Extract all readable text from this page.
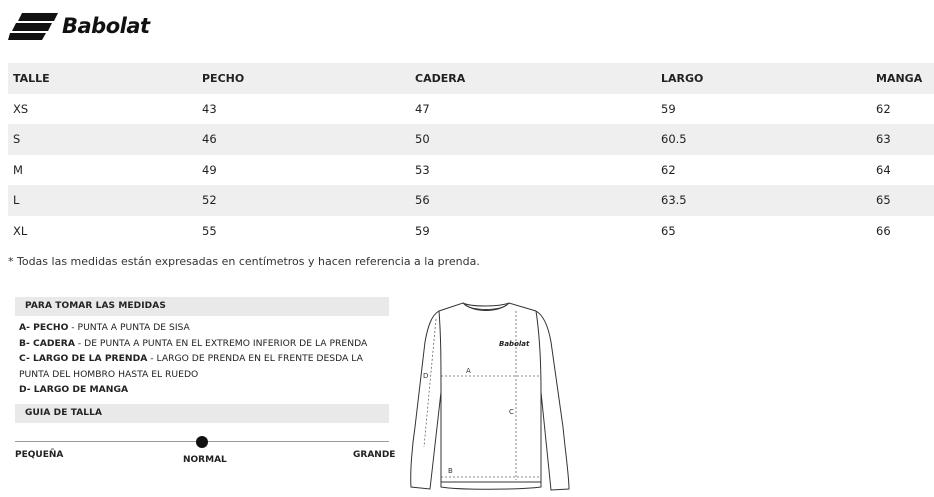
Babolat
TALLE	PECHO	CADERA	LARGO	MANGA
XS	43	47	59	62
S	46	50	60.5	63
M	49	53	62	64
L	52	56	63.5	65
XL	55	59	65	66
* Todas las medidas están expresadas en centímetros y hacen referencia a la prenda.
PARA TOMAR LAS MEDIDAS
A- PECHO - PUNTA A PUNTA DE SISA
B- CADERA - DE PUNTA A PUNTA EN EL EXTREMO INFERIOR DE LA PRENDA
C- LARGO DE LA PRENDA - LARGO DE PRENDA EN EL FRENTE DESDA LA PUNTA DEL HOMBRO HASTA EL RUEDO
D- LARGO DE MANGA
GUIA DE TALLA
PEQUEÑA	NORMAL	GRANDE
Babolat
A
B
C
D
